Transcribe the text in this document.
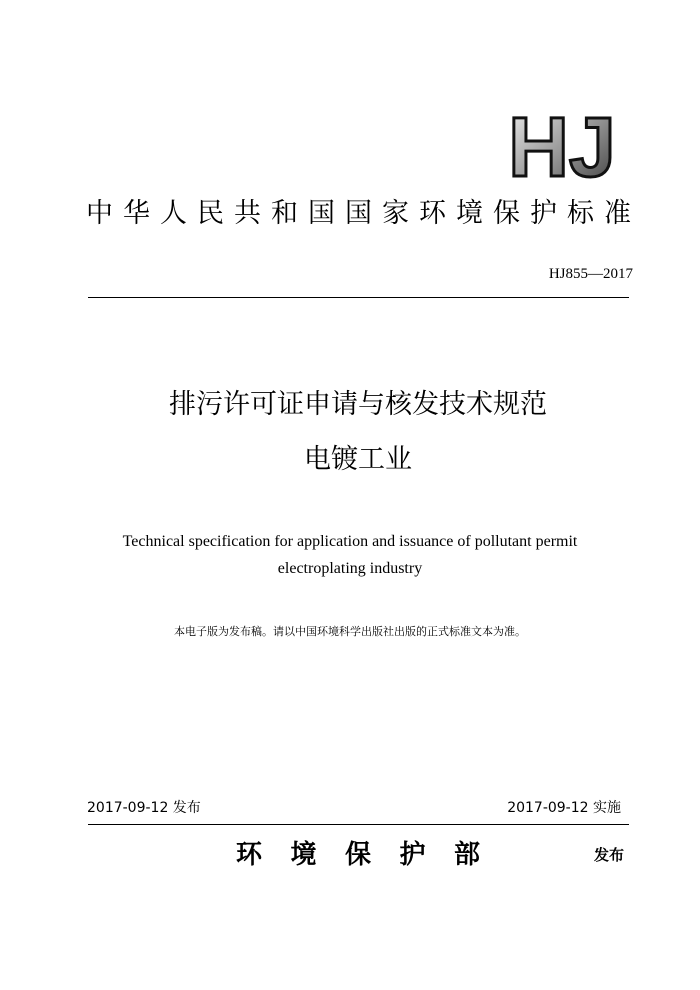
HJ
中 华 人 民 共 和 国 国 家 环 境 保 护 标 准
HJ855—2017
排污许可证申请与核发技术规范
电镀工业
Technical specification for application and issuance of pollutant permit
electroplating industry
本电子版为发布稿。请以中国环境科学出版社出版的正式标准文本为准。
2017-09-12 发布	2017-09-12 实施
环 境 保 护 部	发布
